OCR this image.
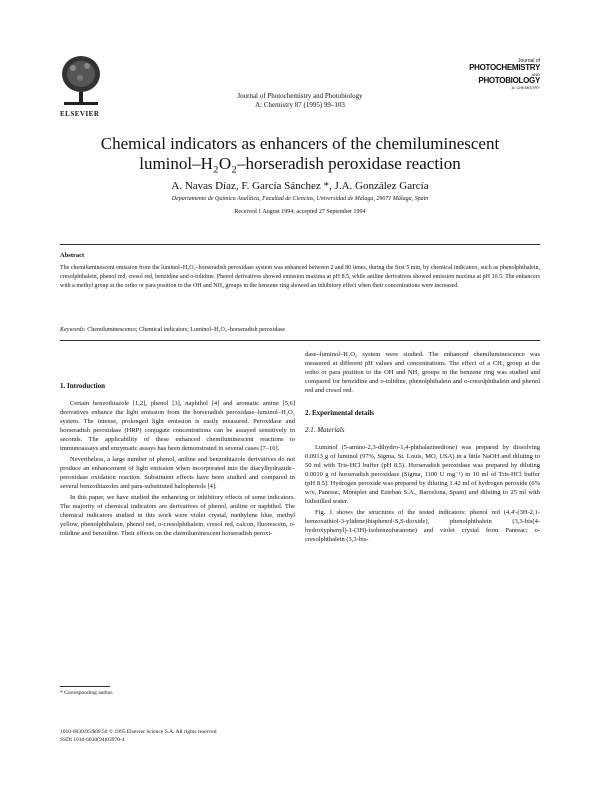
ELSEVIER
Journal of Photochemistry and Photobiology
A: Chemistry 87 (1995) 99–103
Journal of
PHOTOCHEMISTRY
AND
PHOTOBIOLOGY
A: CHEMISTRY
Chemical indicators as enhancers of the chemiluminescent
luminol–H₂O₂–horseradish peroxidase reaction
A. Navas Díaz, F. García Sánchez *, J.A. González García
Departamento de Química Analítica, Facultad de Ciencias, Universidad de Málaga, 29071 Málaga, Spain
Received 1 August 1994; accepted 27 September 1994
Abstract
The chemiluminescent emission from the luminol–H₂O₂–horseradish peroxidase system was enhanced between 2 and 80 times, during the first 5 min, by chemical indicators, such as phenolphthalein, cresolphthalein, phenol red, cresol red, benzidine and o-tolidine. Phenol derivatives showed emission maxima at pH 8.5, while aniline derivatives showed emission maxima at pH 10.5. The enhancers with a methyl group at the ortho or para position to the OH and NH₂ groups in the benzene ring showed an inhibitory effect when their concentrations were increased.
Keywords: Chemiluminescence; Chemical indicators; Luminol–H₂O₂–horseradish peroxidase
1. Introduction

Certain benzothiazole [1,2], phenol [3], naphthol [4] and aromatic amine [5,6] derivatives enhance the light emission from the horseradish peroxidase–luminol–H₂O₂ system. The intense, prolonged light emission is easily measured. Peroxidase and horseradish peroxidase (HRP) conjugate concentrations can be assayed sensitively in seconds. The applicability of these enhanced chemiluminescent reactions to immunoassays and enzymatic assays has been demonstrated in several cases [7–10].

Nevertheless, a large number of phenol, aniline and benzothiazole derivatives do not produce an enhancement of light emission when incorporated into the diacylhydrazide–peroxidase oxidation reaction. Substituent effects have been studied and compared in several benzothiazoles and para-substituted halophenols [4].

In this paper, we have studied the enhancing or inhibitory effects of some indicators. The majority of chemical indicators are derivatives of phenol, aniline or naphthol. The chemical indicators studied in this work were violet crystal, methylene blue, methyl yellow, phenolphthalein, phenol red, o-cresolphthalein, cresol red, calcon, fluorescein, o-tolidine and benzidine. Their effects on the chemiluminescent horseradish peroxi-

dase–luminol–H₂O₂ system were studied. The enhanced chemiluminescence was measured at different pH values and concentrations. The effect of a CH₃ group at the ortho or para position to the OH and NH₂ groups in the benzene ring was studied and compared for benzidine and o-tolidine, phenolphthalein and o-cresolphthalein and phenol red and cresol red.

2. Experimental details
2.1. Materials

Luminol (5-amino-2,3-dihydro-1,4-phthalazinedione) was prepared by dissolving 0.0913 g of luminol (97%, Sigma, St. Louis, MO, USA) in a little NaOH and diluting to 50 ml with Tris-HCl buffer (pH 8.5). Horseradish peroxidase was prepared by diluting 0.0010 g of horseradish peroxidase (Sigma, 1100 U mg⁻¹) in 10 ml of Tris-HCl buffer (pH 8.5). Hydrogen peroxide was prepared by diluting 1.42 ml of hydrogen peroxide (6% w/v, Panreac, Montplet and Esteban S.A., Barcelona, Spain) and diluting to 25 ml with bidistilled water.

Fig. 1 shows the structures of the tested indicators: phenol red (4,4'-(3H-2,1-benzoxathiol-3-ylidene)bisphenol-S,S-dioxide), phenolphthalein (3,3-bis(4-hydroxyphenyl)-1-(3H)-isobenzofuranone) and violet crystal from Panreac; o-cresolphthalein (3,3-bis-

* Corresponding author.
1010-6030/95/$09.50 © 1995 Elsevier Science S.A. All rights reserved
SSDI 1010-6030(94)03970-4
